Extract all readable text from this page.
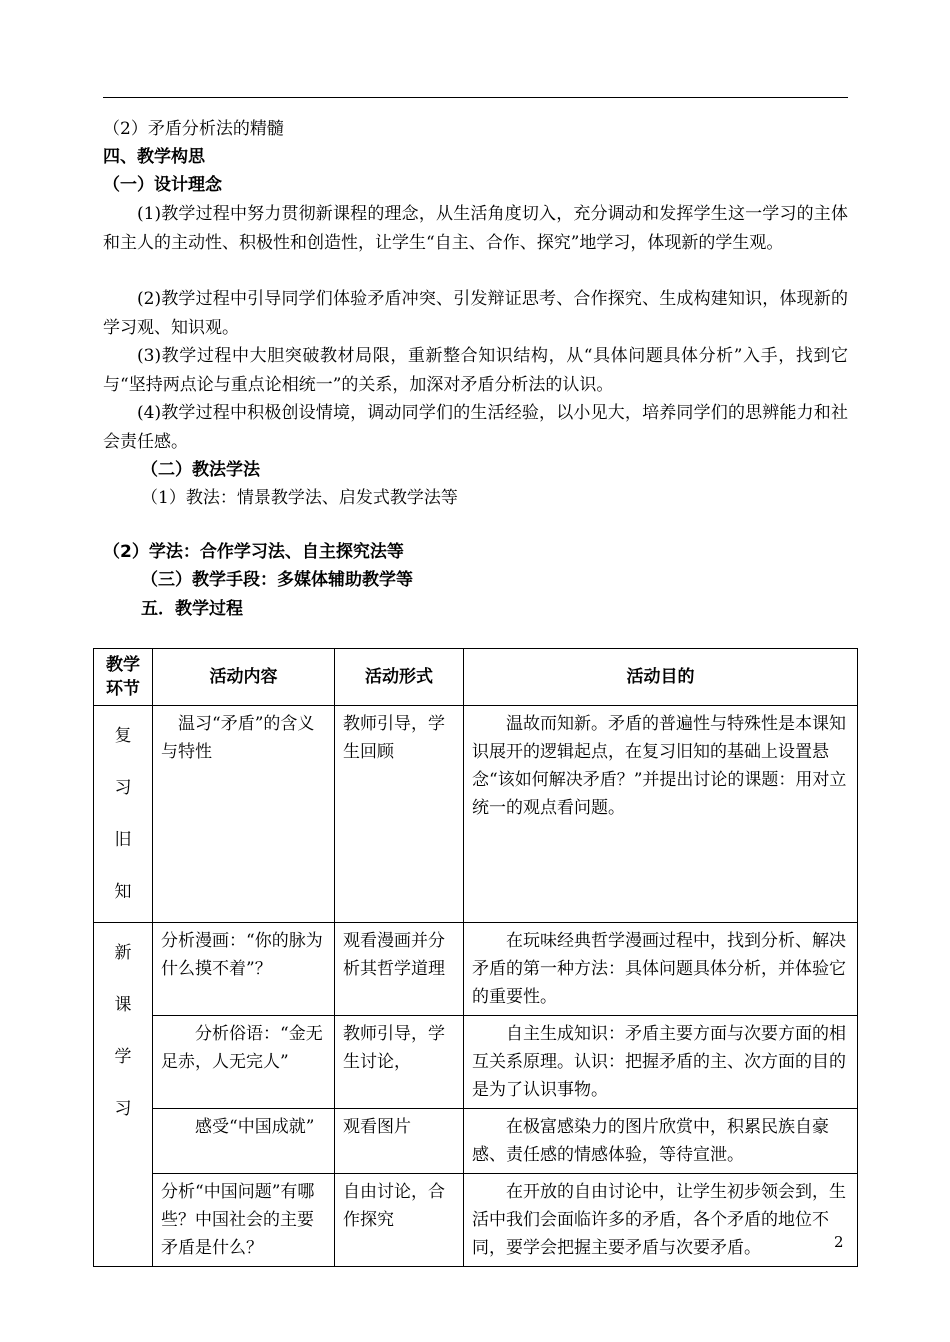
（2）矛盾分析法的精髓
四、教学构思
（一）设计理念

(1)教学过程中努力贯彻新课程的理念，从生活角度切入，充分调动和发挥学生这一学习的主体和主人的主动性、积极性和创造性，让学生“自主、合作、探究”地学习，体现新的学生观。

(2)教学过程中引导同学们体验矛盾冲突、引发辩证思考、合作探究、生成构建知识，体现新的学习观、知识观。

(3)教学过程中大胆突破教材局限，重新整合知识结构，从“具体问题具体分析”入手，找到它与“坚持两点论与重点论相统一”的关系，加深对矛盾分析法的认识。

(4)教学过程中积极创设情境，调动同学们的生活经验，以小见大，培养同学们的思辨能力和社会责任感。

（二）教法学法
（1）教法：情景教学法、启发式教学法等
（2）学法：合作学习法、自主探究法等
（三）教学手段：多媒体辅助教学等
五．教学过程
教学环节	活动内容	活动形式	活动目的

复
习
旧
知	温习“矛盾”的含义与特性	教师引导，学生回顾	温故而知新。矛盾的普遍性与特殊性是本课知识展开的逻辑起点，在复习旧知的基础上设置悬念“该如何解决矛盾？”并提出讨论的课题：用对立统一的观点看问题。

新
课
学
习	分析漫画：“你的脉为什么摸不着”？	观看漫画并分析其哲学道理	在玩味经典哲学漫画过程中，找到分析、解决矛盾的第一种方法：具体问题具体分析，并体验它的重要性。
	分析俗语：“金无足赤，人无完人”	教师引导，学生讨论，	自主生成知识：矛盾主要方面与次要方面的相互关系原理。认识：把握矛盾的主、次方面的目的是为了认识事物。
	感受“中国成就”	观看图片	在极富感染力的图片欣赏中，积累民族自豪感、责任感的情感体验，等待宣泄。

	分析“中国问题”有哪些？中国社会的主要矛盾是什么？	自由讨论，合作探究	在开放的自由讨论中，让学生初步领会到，生活中我们会面临许多的矛盾，各个矛盾的地位不同，要学会把握主要矛盾与次要矛盾。	2
